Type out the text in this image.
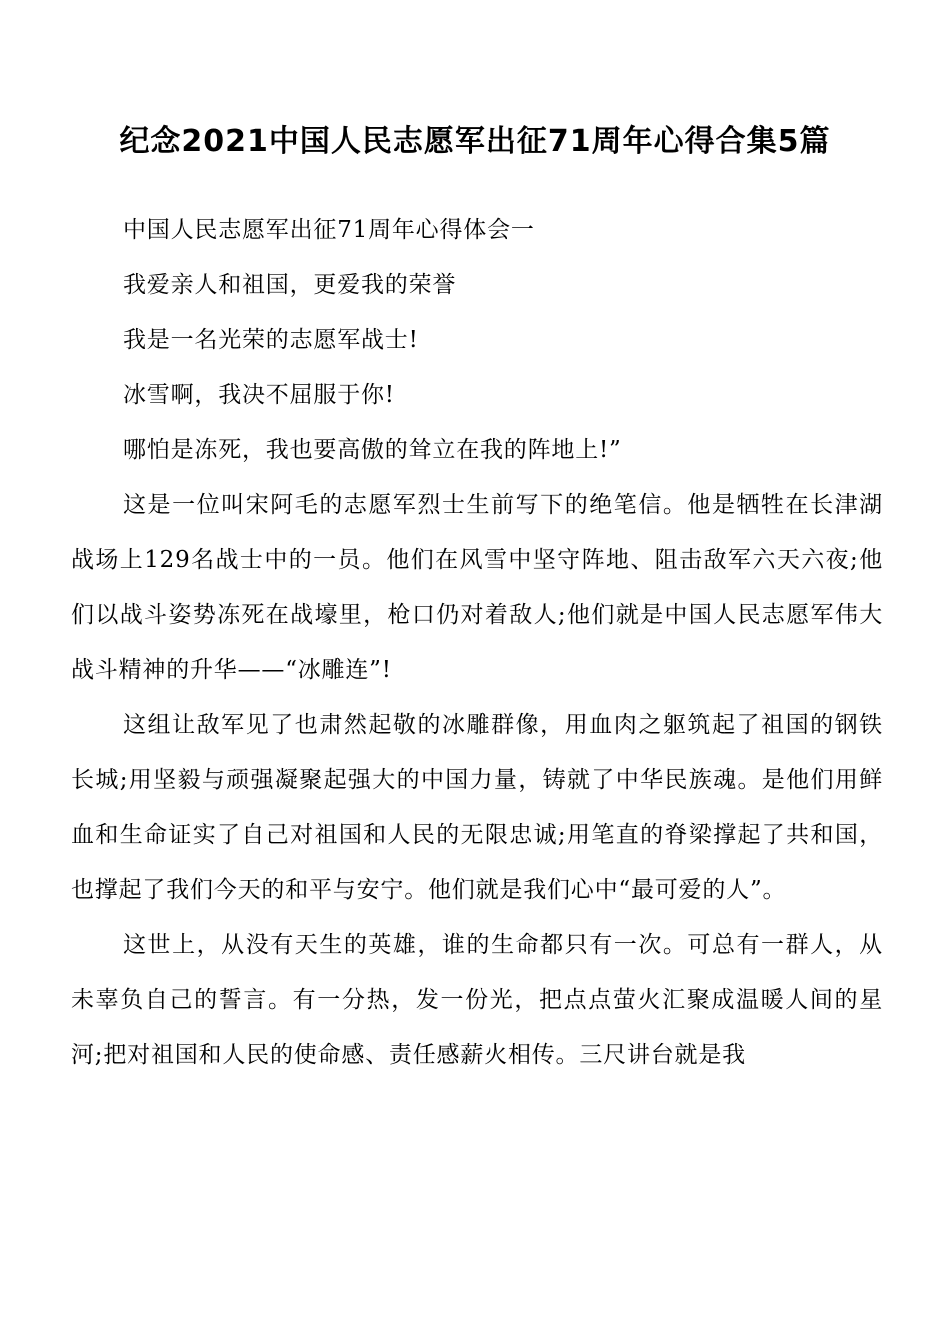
纪念2021中国人民志愿军出征71周年心得合集5篇

中国人民志愿军出征71周年心得体会一

我爱亲人和祖国，更爱我的荣誉

我是一名光荣的志愿军战士!

冰雪啊，我决不屈服于你!

哪怕是冻死，我也要高傲的耸立在我的阵地上!”

这是一位叫宋阿毛的志愿军烈士生前写下的绝笔信。他是牺牲在长津湖战场上129名战士中的一员。他们在风雪中坚守阵地、阻击敌军六天六夜;他们以战斗姿势冻死在战壕里，枪口仍对着敌人;他们就是中国人民志愿军伟大战斗精神的升华——“冰雕连”!

这组让敌军见了也肃然起敬的冰雕群像，用血肉之躯筑起了祖国的钢铁长城;用坚毅与顽强凝聚起强大的中国力量，铸就了中华民族魂。是他们用鲜血和生命证实了自己对祖国和人民的无限忠诚;用笔直的脊梁撑起了共和国，也撑起了我们今天的和平与安宁。他们就是我们心中“最可爱的人”。

这世上，从没有天生的英雄，谁的生命都只有一次。可总有一群人，从未辜负自己的誓言。有一分热，发一份光，把点点萤火汇聚成温暖人间的星河;把对祖国和人民的使命感、责任感薪火相传。三尺讲台就是我
